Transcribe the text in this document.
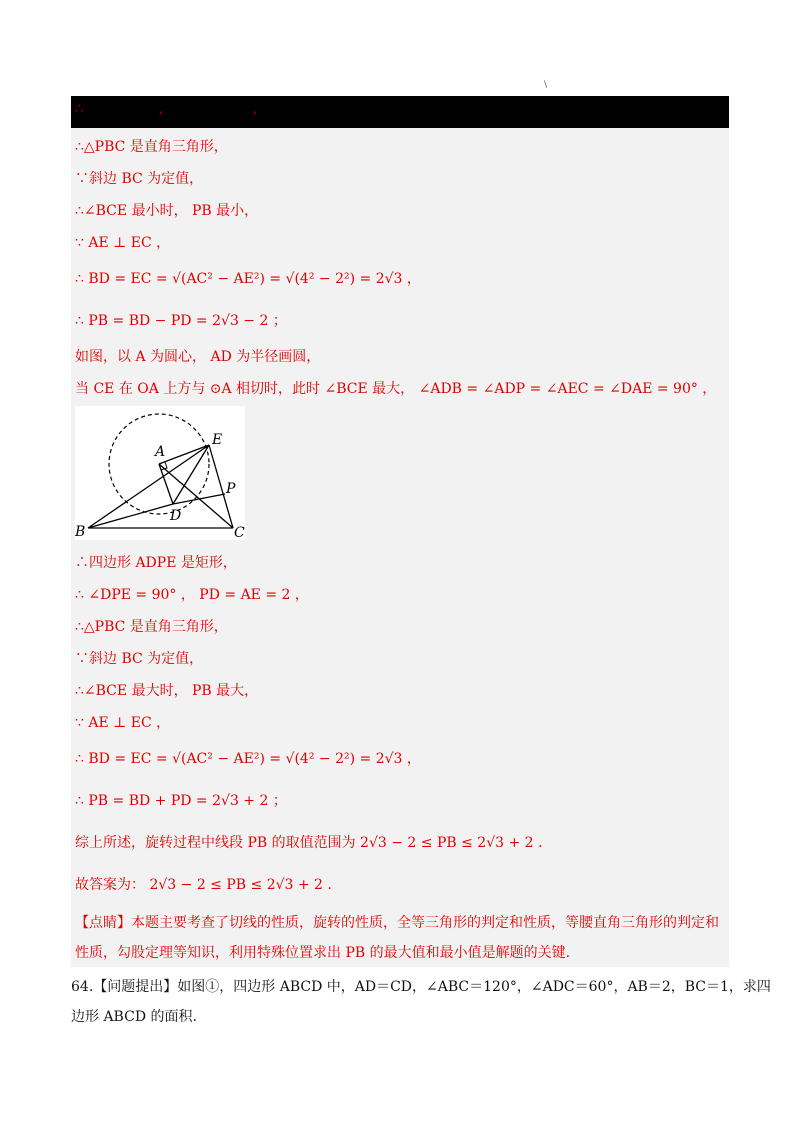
\
∴	,	,
∴△PBC 是直角三角形，
∵斜边 BC 为定值，
∴∠BCE 最小时， PB 最小，
∵ AE ⊥ EC ，
∴ BD = EC = √(AC² − AE²) = √(4² − 2²) = 2√3 ，
∴ PB = BD − PD = 2√3 − 2 ；
如图，以 A 为圆心， AD 为半径画圆，
当 CE 在 OA 上方与 ⊙A 相切时，此时 ∠BCE 最大， ∠ADB = ∠ADP = ∠AEC = ∠DAE = 90° ，
A
E
P
D
B	C
∴四边形 ADPE 是矩形，
∴ ∠DPE = 90° ， PD = AE = 2 ，
∴△PBC 是直角三角形，
∵斜边 BC 为定值，
∴∠BCE 最大时， PB 最大，
∵ AE ⊥ EC ，
∴ BD = EC = √(AC² − AE²) = √(4² − 2²) = 2√3 ，
∴ PB = BD + PD = 2√3 + 2 ；
综上所述，旋转过程中线段 PB 的取值范围为 2√3 − 2 ≤ PB ≤ 2√3 + 2 .
故答案为： 2√3 − 2 ≤ PB ≤ 2√3 + 2 .
【点睛】本题主要考查了切线的性质，旋转的性质，全等三角形的判定和性质，等腰直角三角形的判定和
性质，勾股定理等知识，利用特殊位置求出 PB 的最大值和最小值是解题的关键.
64.【问题提出】如图①，四边形 ABCD 中，AD＝CD，∠ABC＝120°，∠ADC＝60°，AB＝2，BC＝1，求四
边形 ABCD 的面积.
